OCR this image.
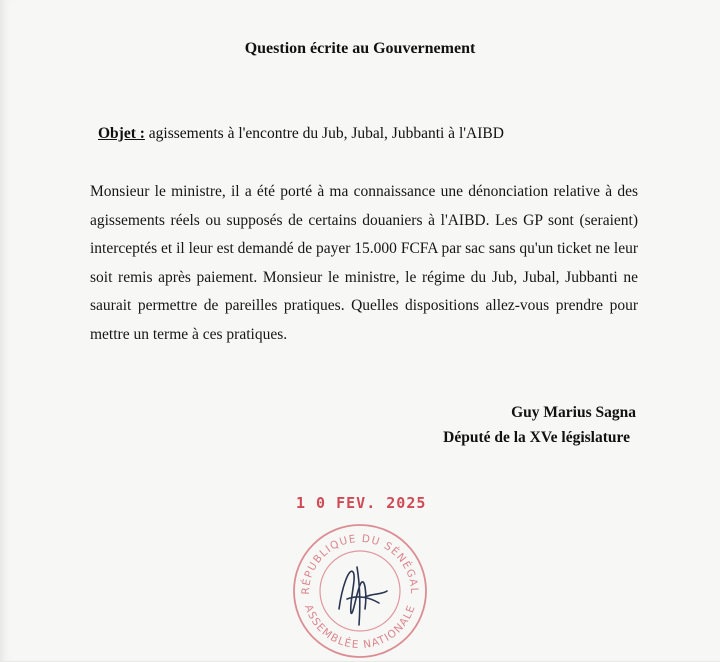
Question écrite au Gouvernement
Objet : agissements à l'encontre du Jub, Jubal, Jubbanti à l'AIBD
Monsieur le ministre, il a été porté à ma connaissance une dénonciation relative à des agissements réels ou supposés de certains douaniers à l'AIBD. Les GP sont (seraient) interceptés et il leur est demandé de payer 15.000 FCFA par sac sans qu'un ticket ne leur soit remis après paiement. Monsieur le ministre, le régime du Jub, Jubal, Jubbanti ne saurait permettre de pareilles pratiques. Quelles dispositions allez-vous prendre pour mettre un terme à ces pratiques.
Guy Marius Sagna
Député de la XVe législature
1 0 FEV. 2025
RÉPUBLIQUE DU SÉNÉGAL
ASSEMBLÉE NATIONALE
